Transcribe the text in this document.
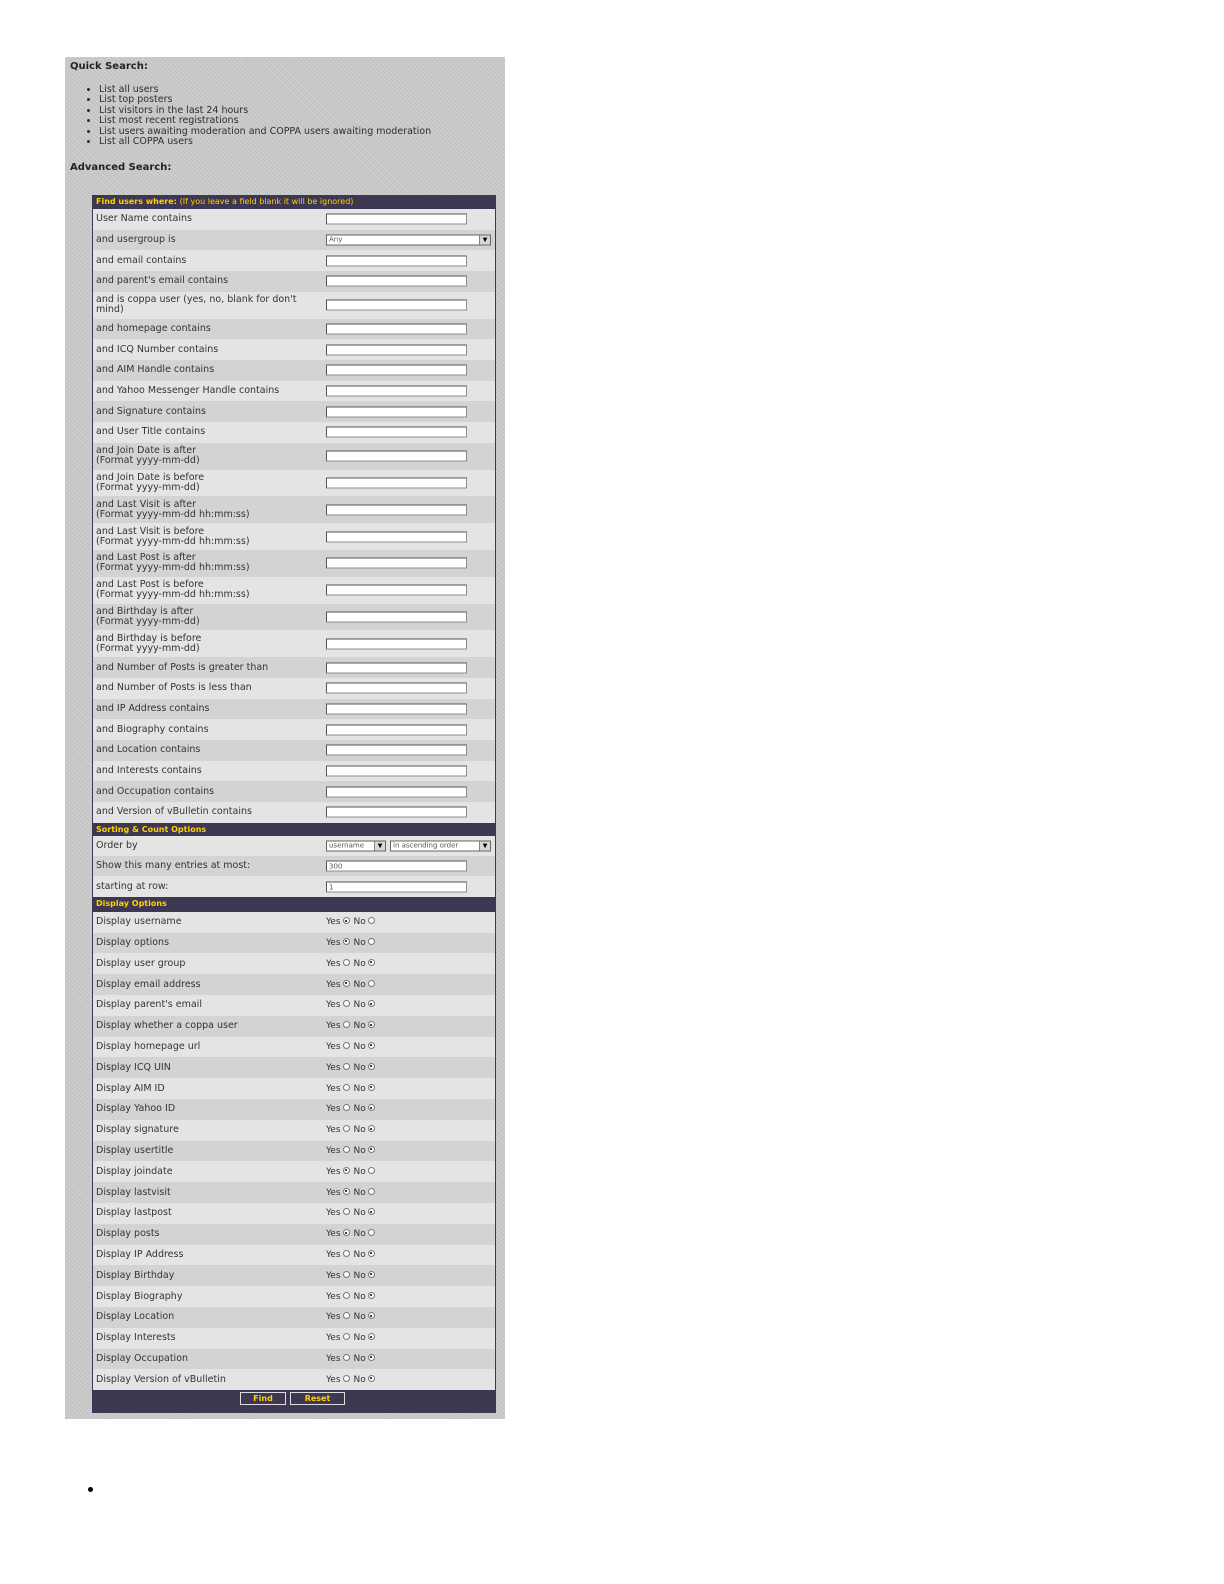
Quick Search:
• List all users
• List top posters
• List visitors in the last 24 hours
• List most recent registrations
• List users awaiting moderation and COPPA users awaiting moderation
• List all COPPA users
Advanced Search:
Find users where: (If you leave a field blank it will be ignored)
User Name contains
and usergroup is	Any	▼
and email contains
and parent's email contains
and is coppa user (yes, no, blank for don't mind)
and homepage contains
and ICQ Number contains
and AIM Handle contains
and Yahoo Messenger Handle contains
and Signature contains
and User Title contains
and Join Date is after
(Format yyyy-mm-dd)
and Join Date is before
(Format yyyy-mm-dd)
and Last Visit is after
(Format yyyy-mm-dd hh:mm:ss)
and Last Visit is before
(Format yyyy-mm-dd hh:mm:ss)
and Last Post is after
(Format yyyy-mm-dd hh:mm:ss)
and Last Post is before
(Format yyyy-mm-dd hh:mm:ss)
and Birthday is after
(Format yyyy-mm-dd)
and Birthday is before
(Format yyyy-mm-dd)
and Number of Posts is greater than
and Number of Posts is less than
and IP Address contains
and Biography contains
and Location contains
and Interests contains
and Occupation contains
and Version of vBulletin contains
Sorting & Count Options
Order by	username	▼	in ascending order	▼
Show this many entries at most:	300
starting at row:	1
Display Options
Display username	Yes No
Display options	Yes No
Display user group	Yes No
Display email address	Yes No
Display parent's email	Yes No
Display whether a coppa user	Yes No
Display homepage url	Yes No
Display ICQ UIN	Yes No
Display AIM ID	Yes No
Display Yahoo ID	Yes No
Display signature	Yes No
Display usertitle	Yes No
Display joindate	Yes No
Display lastvisit	Yes No
Display lastpost	Yes No
Display posts	Yes No
Display IP Address	Yes No
Display Birthday	Yes No
Display Biography	Yes No
Display Location	Yes No
Display Interests	Yes No
Display Occupation	Yes No
Display Version of vBulletin	Yes No
Find	Reset
